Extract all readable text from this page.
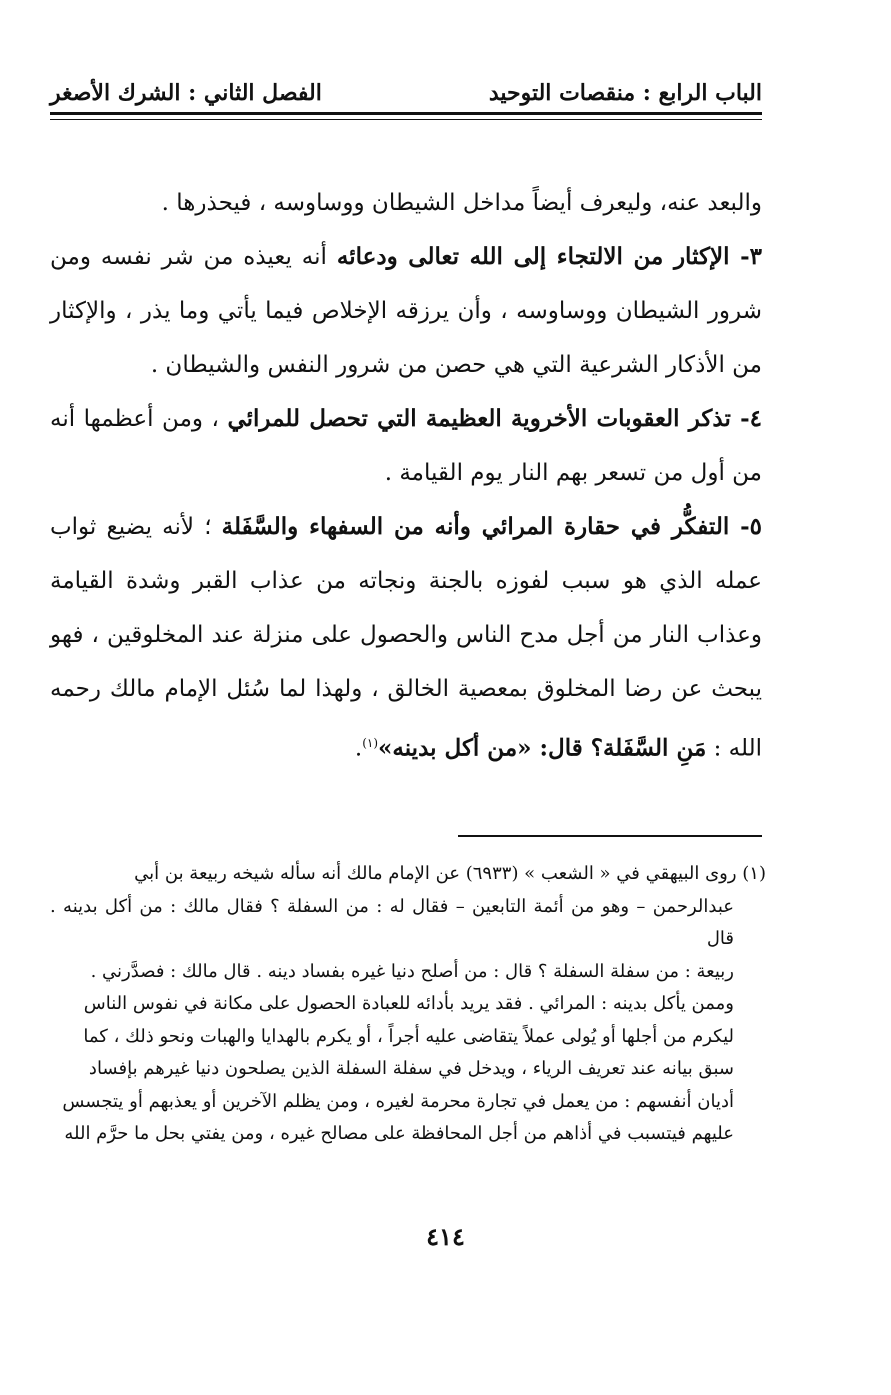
الباب الرابع : منقصات التوحيد
الفصل الثاني : الشرك الأصغر

والبعد عنه، وليعرف أيضاً مداخل الشيطان ووساوسه ، فيحذرها .

٣- الإكثار من الالتجاء إلى الله تعالى ودعائه أنه يعيذه من شر نفسه ومن شرور الشيطان ووساوسه ، وأن يرزقه الإخلاص فيما يأتي وما يذر ، والإكثار من الأذكار الشرعية التي هي حصن من شرور النفس والشيطان .

٤- تذكر العقوبات الأخروية العظيمة التي تحصل للمرائي ، ومن أعظمها أنه من أول من تسعر بهم النار يوم القيامة .

٥- التفكُّر في حقارة المرائي وأنه من السفهاء والسَّفَلة ؛ لأنه يضيع ثواب عمله الذي هو سبب لفوزه بالجنة ونجاته من عذاب القبر وشدة القيامة وعذاب النار من أجل مدح الناس والحصول على منزلة عند المخلوقين ، فهو يبحث عن رضا المخلوق بمعصية الخالق ، ولهذا لما سُئل الإمام مالك رحمه الله : مَنِ السَّفَلة؟ قال: «من أكل بدينه»$^{(١)}$.

(١) روى البيهقي في « الشعب » (٦٩٣٣) عن الإمام مالك أنه سأله شيخه ربيعة بن أبي

عبدالرحمن – وهو من أئمة التابعين – فقال له : من السفلة ؟ فقال مالك : من أكل بدينه . قال

ربيعة : من سفلة السفلة ؟ قال : من أصلح دنيا غيره بفساد دينه . قال مالك : فصدَّرني .

وممن يأكل بدينه : المرائي . فقد يريد بأدائه للعبادة الحصول على مكانة في نفوس الناس

ليكرم من أجلها أو يُولى عملاً يتقاضى عليه أجراً ، أو يكرم بالهدايا والهبات ونحو ذلك ، كما

سبق بيانه عند تعريف الرياء ، ويدخل في سفلة السفلة الذين يصلحون دنيا غيرهم بإفساد

أديان أنفسهم : من يعمل في تجارة محرمة لغيره ، ومن يظلم الآخرين أو يعذبهم أو يتجسس

عليهم فيتسبب في أذاهم من أجل المحافظة على مصالح غيره ، ومن يفتي بحل ما حرَّم الله

٤١٤
